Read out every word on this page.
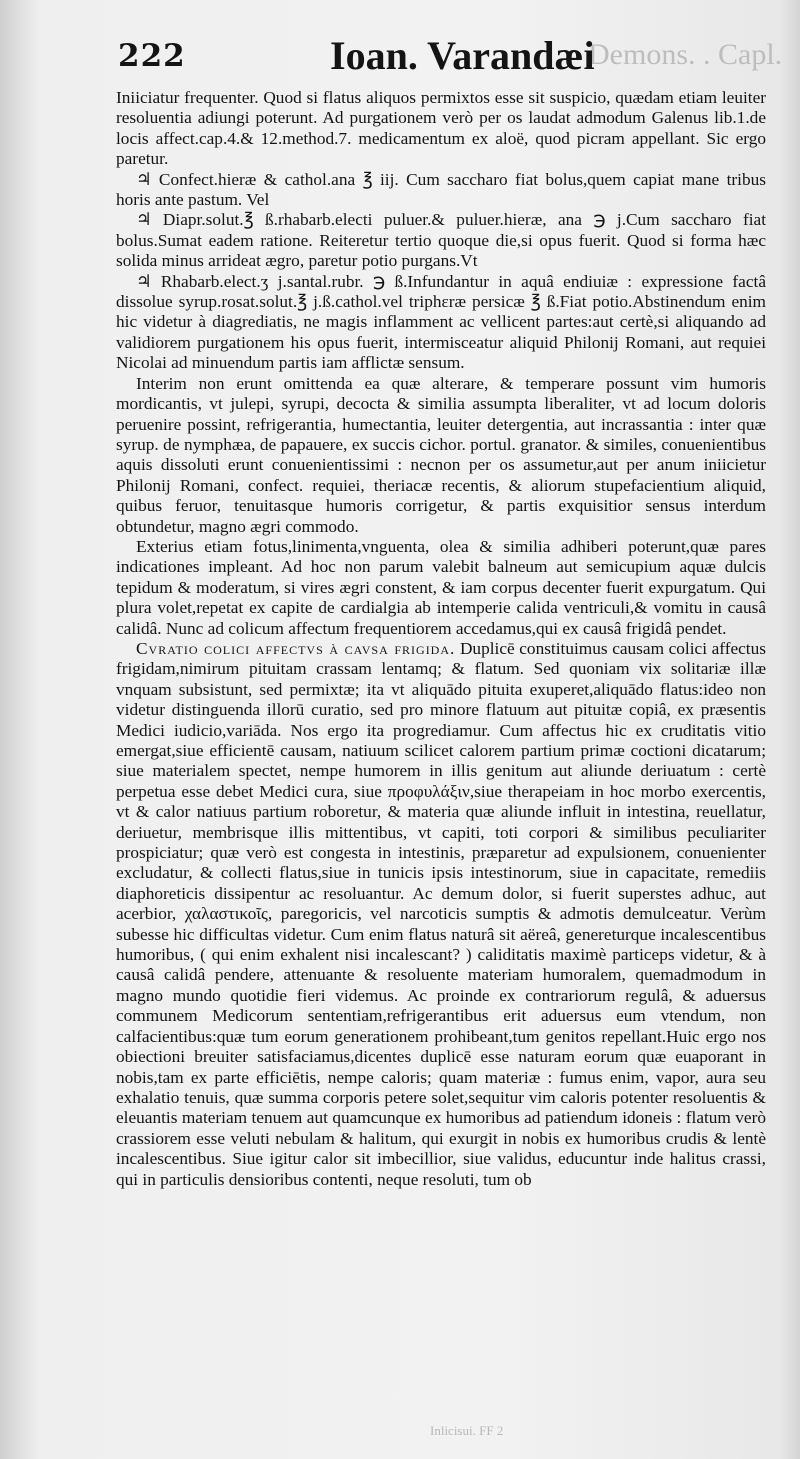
222	Demons. . Capl.
Ioan. Varandæi

Iniiciatur frequenter. Quod si flatus aliquos permixtos esse sit suspicio, quædam etiam leuiter resoluentia adiungi poterunt. Ad purgationem verò per os laudat admodum Galenus lib.1.de locis affect.cap.4.& 12.method.7. medicamentum ex aloë, quod picram appellant. Sic ergo paretur.

♃ Confect.hieræ & cathol.ana ℥ iij. Cum saccharo fiat bolus,quem capiat mane tribus horis ante pastum. Vel

♃ Diapr.solut.℥ ß.rhabarb.electi puluer.& puluer.hieræ, ana ℈ j.Cum saccharo fiat bolus.Sumat eadem ratione. Reiteretur tertio quoque die,si opus fuerit. Quod si forma hæc solida minus arrideat ægro, paretur potio purgans.Vt

♃ Rhabarb.elect.ʒ j.santal.rubr. ℈ ß.Infundantur in aquâ endiuiæ : expressione factâ dissolue syrup.rosat.solut.℥ j.ß.cathol.vel triphεræ persicæ ℥ ß.Fiat potio.Abstinendum enim hic videtur à diagrediatis, ne magis inflamment ac vellicent partes:aut certè,si aliquando ad validiorem purgationem his opus fuerit, intermisceatur aliquid Philonij Romani, aut requiei Nicolai ad minuendum partis iam afflictæ sensum.

Interim non erunt omittenda ea quæ alterare, & temperare possunt vim humoris mordicantis, vt julepi, syrupi, decocta & similia assumpta liberaliter, vt ad locum doloris peruenire possint, refrigerantia, humectantia, leuiter detergentia, aut incrassantia : inter quæ syrup. de nymphæa, de papauere, ex succis cichor. portul. granator. & similes, conuenientibus aquis dissoluti erunt conuenientissimi : necnon per os assumetur,aut per anum iniicietur Philonij Romani, confect. requiei, theriacæ recentis, & aliorum stupefacientium aliquid, quibus feruor, tenuitasque humoris corrigetur, & partis exquisitior sensus interdum obtundetur, magno ægri commodo.

Exterius etiam fotus,linimenta,vnguenta, olea & similia adhiberi poterunt,quæ pares indicationes impleant. Ad hoc non parum valebit balneum aut semicupium aquæ dulcis tepidum & moderatum, si vires ægri constent, & iam corpus decenter fuerit expurgatum. Qui plura volet,repetat ex capite de cardialgia ab intemperie calida ventriculi,& vomitu in causâ calidâ. Nunc ad colicum affectum frequentiorem accedamus,qui ex causâ frigidâ pendet.

Cvratio colici affectvs à cavsa frigida. Duplicē constituimus causam colici affectus frigidam,nimirum pituitam crassam lentamq; & flatum. Sed quoniam vix solitariæ illæ vnquam subsistunt, sed permixtæ; ita vt aliquādo pituita exuperet,aliquādo flatus:ideo non videtur distinguenda illorū curatio, sed pro minore flatuum aut pituitæ copiâ, ex præsentis Medici iudicio,variāda. Nos ergo ita progrediamur. Cum affectus hic ex cruditatis vitio emergat,siue efficientē causam, natiuum scilicet calorem partium primæ coctioni dicatarum; siue materialem spectet, nempe humorem in illis genitum aut aliunde deriuatum : certè perpetua esse debet Medici cura, siue προφυλάξιν,siue therapeiam in hoc morbo exercentis, vt & calor natiuus partium roboretur, & materia quæ aliunde influit in intestina, reuellatur, deriuetur, membrisque illis mittentibus, vt capiti, toti corpori & similibus peculiariter prospiciatur; quæ verò est congesta in intestinis, præparetur ad expulsionem, conuenienter excludatur, & collecti flatus,siue in tunicis ipsis intestinorum, siue in capacitate, remediis diaphoreticis dissipentur ac resoluantur. Ac demum dolor, si fuerit superstes adhuc, aut acerbior, χαλαστικοῖς, paregoricis, vel narcoticis sumptis & admotis demulceatur. Verùm subesse hic difficultas videtur. Cum enim flatus naturâ sit aëreâ, genereturque incalescentibus humoribus, ( qui enim exhalent nisi incalescant? ) caliditatis maximè particeps videtur, & à causâ calidâ pendere, attenuante & resoluente materiam humoralem, quemadmodum in magno mundo quotidie fieri videmus. Ac proinde ex contrariorum regulâ, & aduersus communem Medicorum sententiam,refrigerantibus erit aduersus eum vtendum, non calfacientibus:quæ tum eorum generationem prohibeant,tum genitos repellant.Huic ergo nos obiectioni breuiter satisfaciamus,dicentes duplicē esse naturam eorum quæ euaporant in nobis,tam ex parte efficiētis, nempe caloris; quam materiæ : fumus enim, vapor, aura seu exhalatio tenuis, quæ summa corporis petere solet,sequitur vim caloris potenter resoluentis & eleuantis materiam tenuem aut quamcunque ex humoribus ad patiendum idoneis : flatum verò crassiorem esse veluti nebulam & halitum, qui exurgit in nobis ex humoribus crudis & lentè incalescentibus. Siue igitur calor sit imbecillior, siue validus, educuntur inde halitus crassi, qui in particulis densioribus contenti, neque resoluti, tum ob

Inlicisui. FF 2
